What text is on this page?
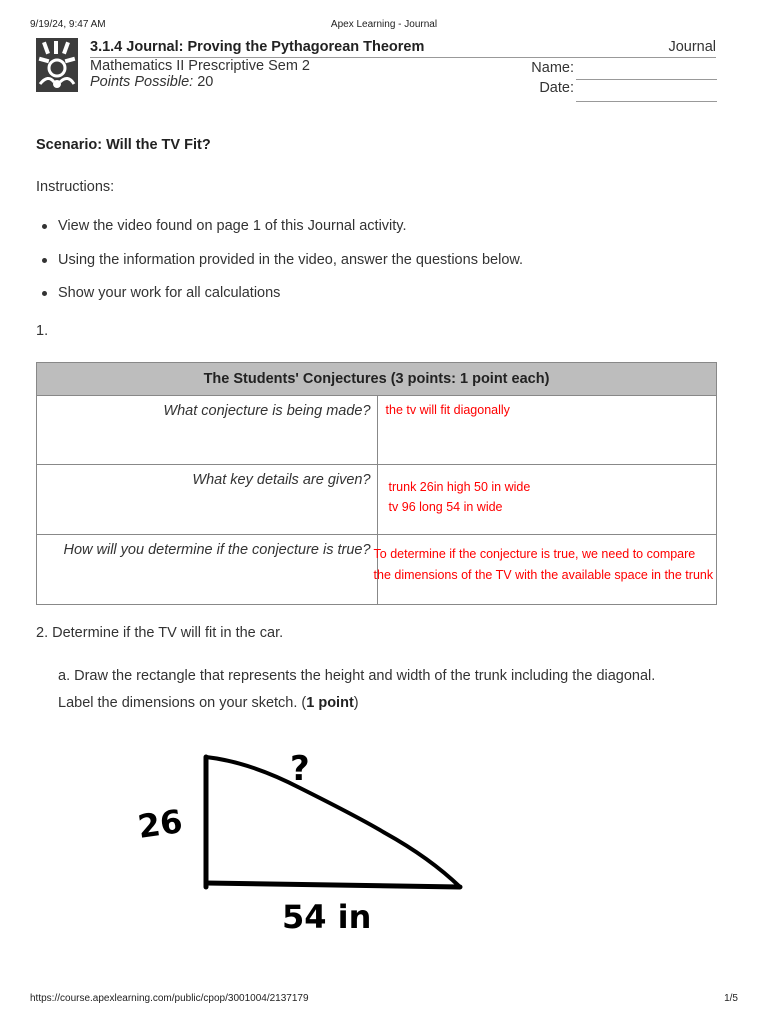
9/19/24, 9:47 AM	Apex Learning - Journal
3.1.4 Journal: Proving the Pythagorean Theorem	Journal
Mathematics II Prescriptive Sem 2
Points Possible: 20
Name:
Date:
Scenario: Will the TV Fit?
Instructions:
View the video found on page 1 of this Journal activity.
Using the information provided in the video, answer the questions below.
Show your work for all calculations
1.
The Students' Conjectures (3 points: 1 point each)	

What conjecture is being made?	the tv will fit diagonally

What key details are given?	trunk 26in high 50 in wide
tv 96 long 54 in wide

How will you determine if the conjecture is true?	To determine if the conjecture is true, we need to compare
the dimensions of the TV with the available space in the trunk
2. Determine if the TV will fit in the car.
a. Draw the rectangle that represents the height and width of the trunk including the diagonal.
Label the dimensions on your sketch. (1 point)
?
26
54 in
https://course.apexlearning.com/public/cpop/3001004/2137179	1/5
